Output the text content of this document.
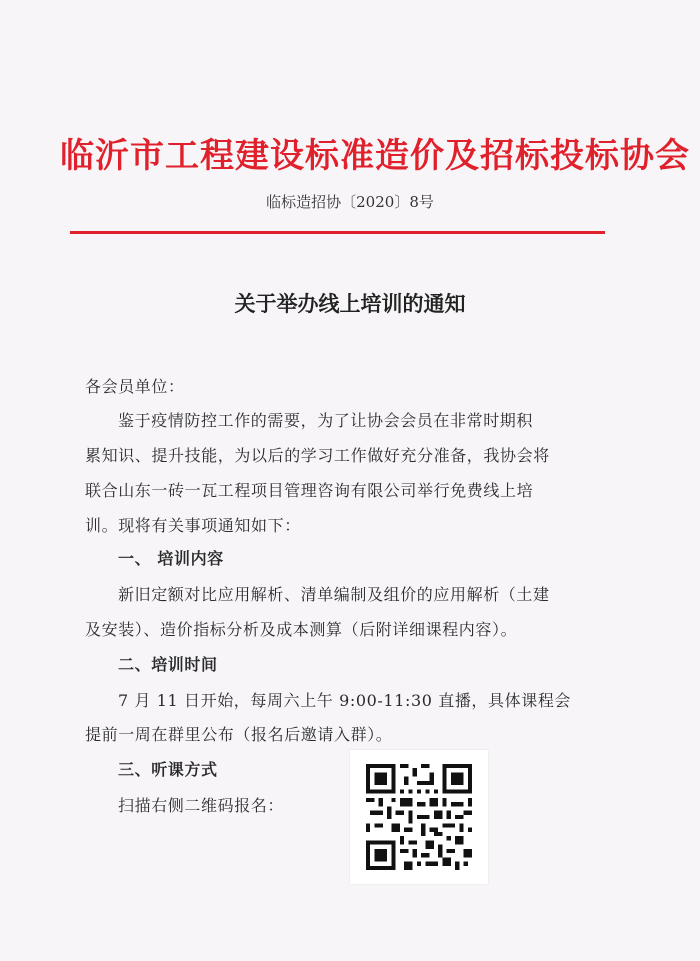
临沂市工程建设标准造价及招标投标协会
临标造招协〔2020〕8号
关于举办线上培训的通知
各会员单位：
鉴于疫情防控工作的需要，为了让协会会员在非常时期积
累知识、提升技能，为以后的学习工作做好充分准备，我协会将
联合山东一砖一瓦工程项目管理咨询有限公司举行免费线上培
训。现将有关事项通知如下：
一、 培训内容
新旧定额对比应用解析、清单编制及组价的应用解析（土建
及安装）、造价指标分析及成本测算（后附详细课程内容）。
二、培训时间
7 月 11 日开始，每周六上午 9:00-11:30 直播，具体课程会
提前一周在群里公布（报名后邀请入群）。
三、听课方式
扫描右侧二维码报名：
